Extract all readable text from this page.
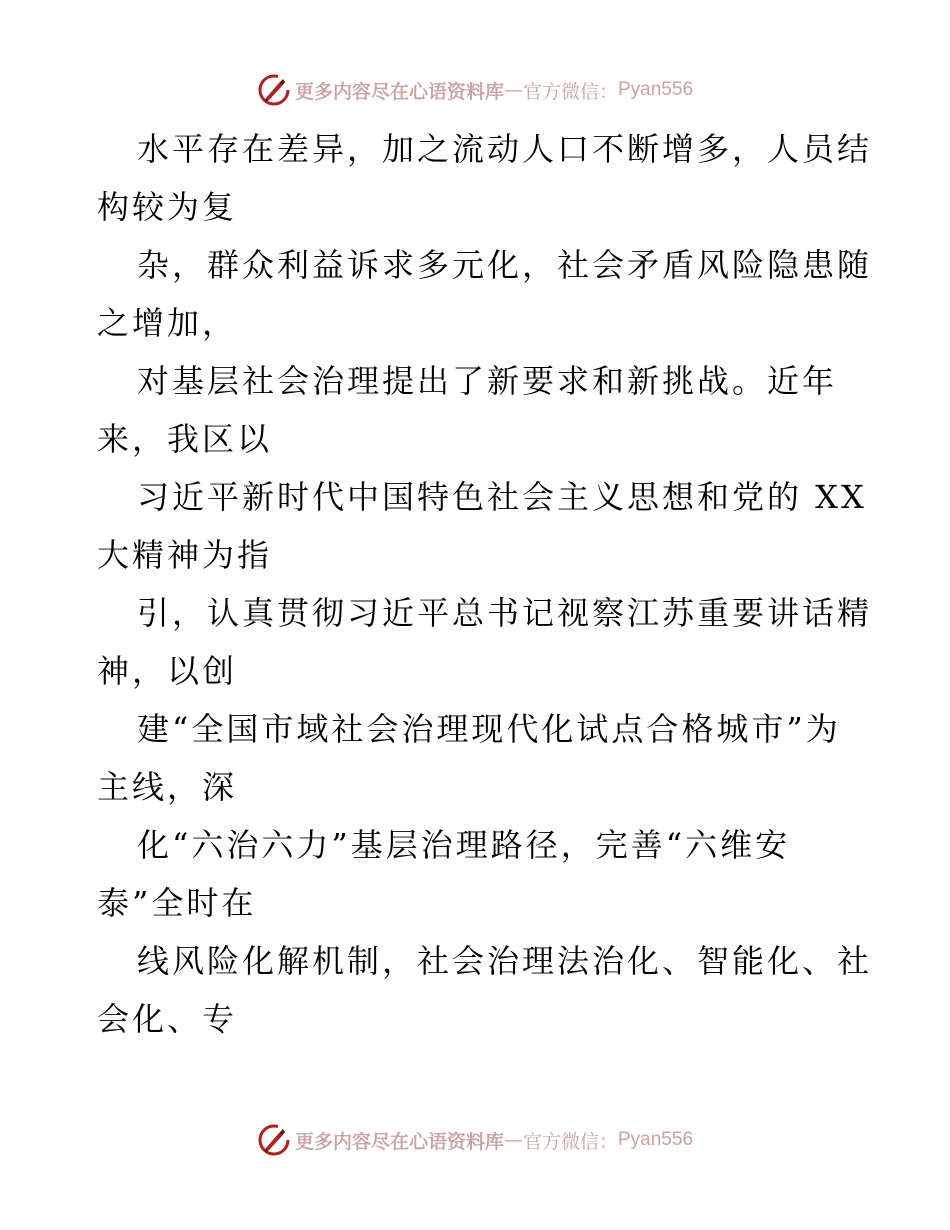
更多内容尽在心语资料库 — 官方微信： Pyan556
水平存在差异，加之流动人口不断增多，人员结
构较为复
杂，群众利益诉求多元化，社会矛盾风险隐患随
之增加，
对基层社会治理提出了新要求和新挑战。近年
来，我区以
习近平新时代中国特色社会主义思想和党的 XX
大精神为指
引，认真贯彻习近平总书记视察江苏重要讲话精
神，以创
建“全国市域社会治理现代化试点合格城市”为
主线，深
化“六治六力”基层治理路径，完善“六维安
泰”全时在
线风险化解机制，社会治理法治化、智能化、社
会化、专
更多内容尽在心语资料库 — 官方微信： Pyan556
